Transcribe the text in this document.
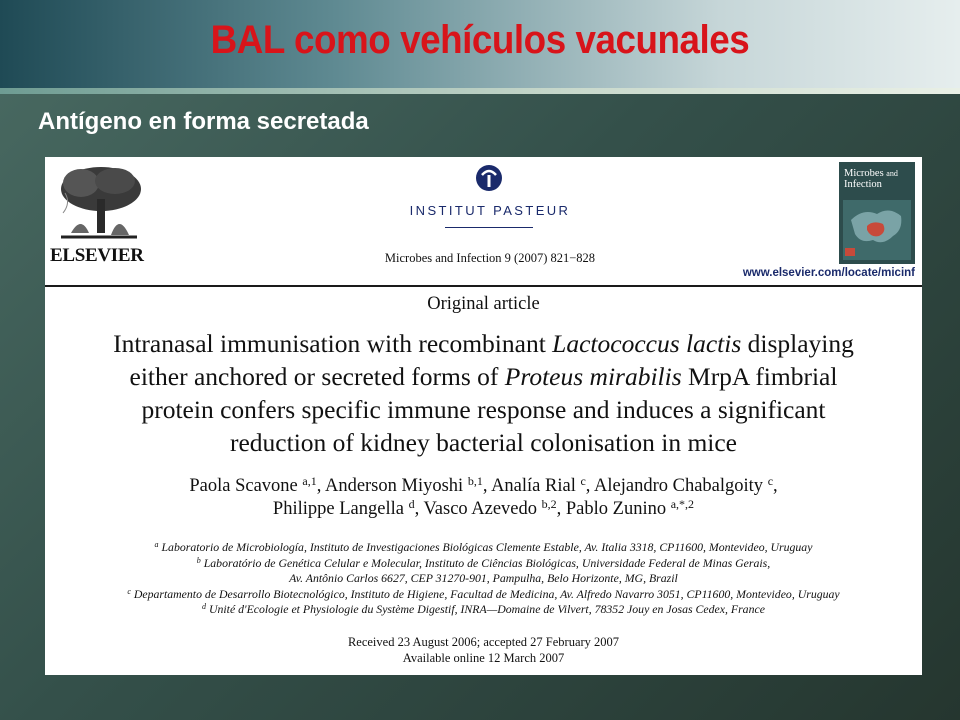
BAL como vehículos vacunales
Antígeno en forma secretada
ELSEVIER
INSTITUT PASTEUR
Microbes and Infection 9 (2007) 821−828
Microbes and
Infection
www.elsevier.com/locate/micinf
Original article
Intranasal immunisation with recombinant Lactococcus lactis displaying
either anchored or secreted forms of Proteus mirabilis MrpA fimbrial
protein confers specific immune response and induces a significant
reduction of kidney bacterial colonisation in mice
Paola Scavone $^{a,1}$, Anderson Miyoshi $^{b,1}$, Analía Rial $^c$, Alejandro Chabalgoity $^c$,
Philippe Langella $^d$, Vasco Azevedo $^{b,2}$, Pablo Zunino $^{a,*,2}$
$^a$ Laboratorio de Microbiología, Instituto de Investigaciones Biológicas Clemente Estable, Av. Italia 3318, CP11600, Montevideo, Uruguay
$^b$ Laboratório de Genética Celular e Molecular, Instituto de Ciências Biológicas, Universidade Federal de Minas Gerais,
Av. Antônio Carlos 6627, CEP 31270-901, Pampulha, Belo Horizonte, MG, Brazil
$^c$ Departamento de Desarrollo Biotecnológico, Instituto de Higiene, Facultad de Medicina, Av. Alfredo Navarro 3051, CP11600, Montevideo, Uruguay
$^d$ Unité d'Ecologie et Physiologie du Système Digestif, INRA—Domaine de Vilvert, 78352 Jouy en Josas Cedex, France
Received 23 August 2006; accepted 27 February 2007
Available online 12 March 2007
